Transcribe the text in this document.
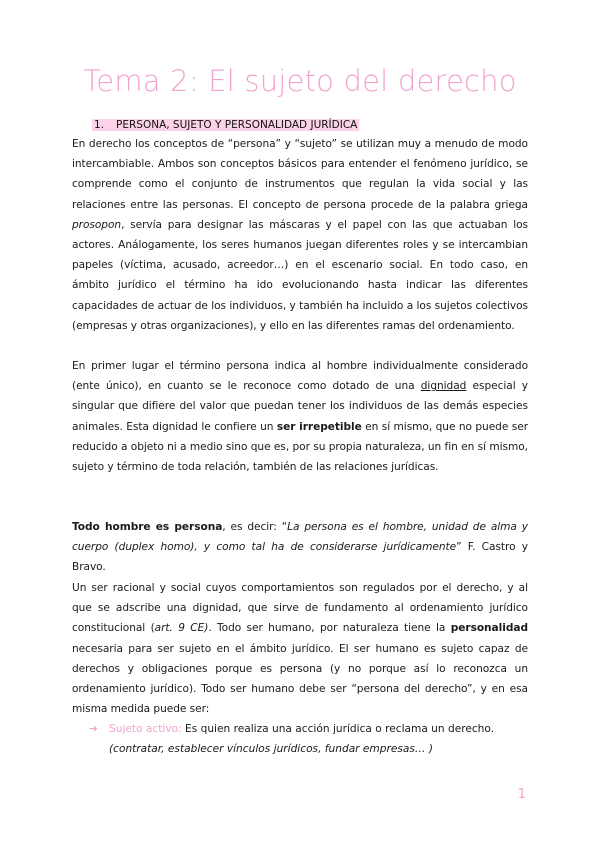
Tema 2: El sujeto del derecho

1. PERSONA, SUJETO Y PERSONALIDAD JURÍDICA

En derecho los conceptos de “persona” y “sujeto” se utilizan muy a menudo de modo intercambiable. Ambos son conceptos básicos para entender el fenómeno jurídico, se comprende como el conjunto de instrumentos que regulan la vida social y las relaciones entre las personas. El concepto de persona procede de la palabra griega prosopon, servía para designar las máscaras y el papel con las que actuaban los actores. Análogamente, los seres humanos juegan diferentes roles y se intercambian papeles (víctima, acusado, acreedor…) en el escenario social. En todo caso, en ámbito jurídico el término ha ido evolucionando hasta indicar las diferentes capacidades de actuar de los individuos, y también ha incluido a los sujetos colectivos (empresas y otras organizaciones), y ello en las diferentes ramas del ordenamiento.

En primer lugar el término persona indica al hombre individualmente considerado (ente único), en cuanto se le reconoce como dotado de una dignidad especial y singular que difiere del valor que puedan tener los individuos de las demás especies animales. Esta dignidad le confiere un ser irrepetible en sí mismo, que no puede ser reducido a objeto ni a medio sino que es, por su propia naturaleza, un fin en sí mismo, sujeto y término de toda relación, también de las relaciones jurídicas.

Todo hombre es persona, es decir: “La persona es el hombre, unidad de alma y cuerpo (duplex homo), y como tal ha de considerarse jurídicamente” F. Castro y Bravo.

Un ser racional y social cuyos comportamientos son regulados por el derecho, y al que se adscribe una dignidad, que sirve de fundamento al ordenamiento jurídico constitucional (art. 9 CE). Todo ser humano, por naturaleza tiene la personalidad necesaria para ser sujeto en el ámbito jurídico. El ser humano es sujeto capaz de derechos y obligaciones porque es persona (y no porque así lo reconozca un ordenamiento jurídico). Todo ser humano debe ser “persona del derecho”, y en esa misma medida puede ser:

➔ Sujeto activo: Es quien realiza una acción jurídica o reclama un derecho.
(contratar, establecer vínculos jurídicos, fundar empresas… )

1
